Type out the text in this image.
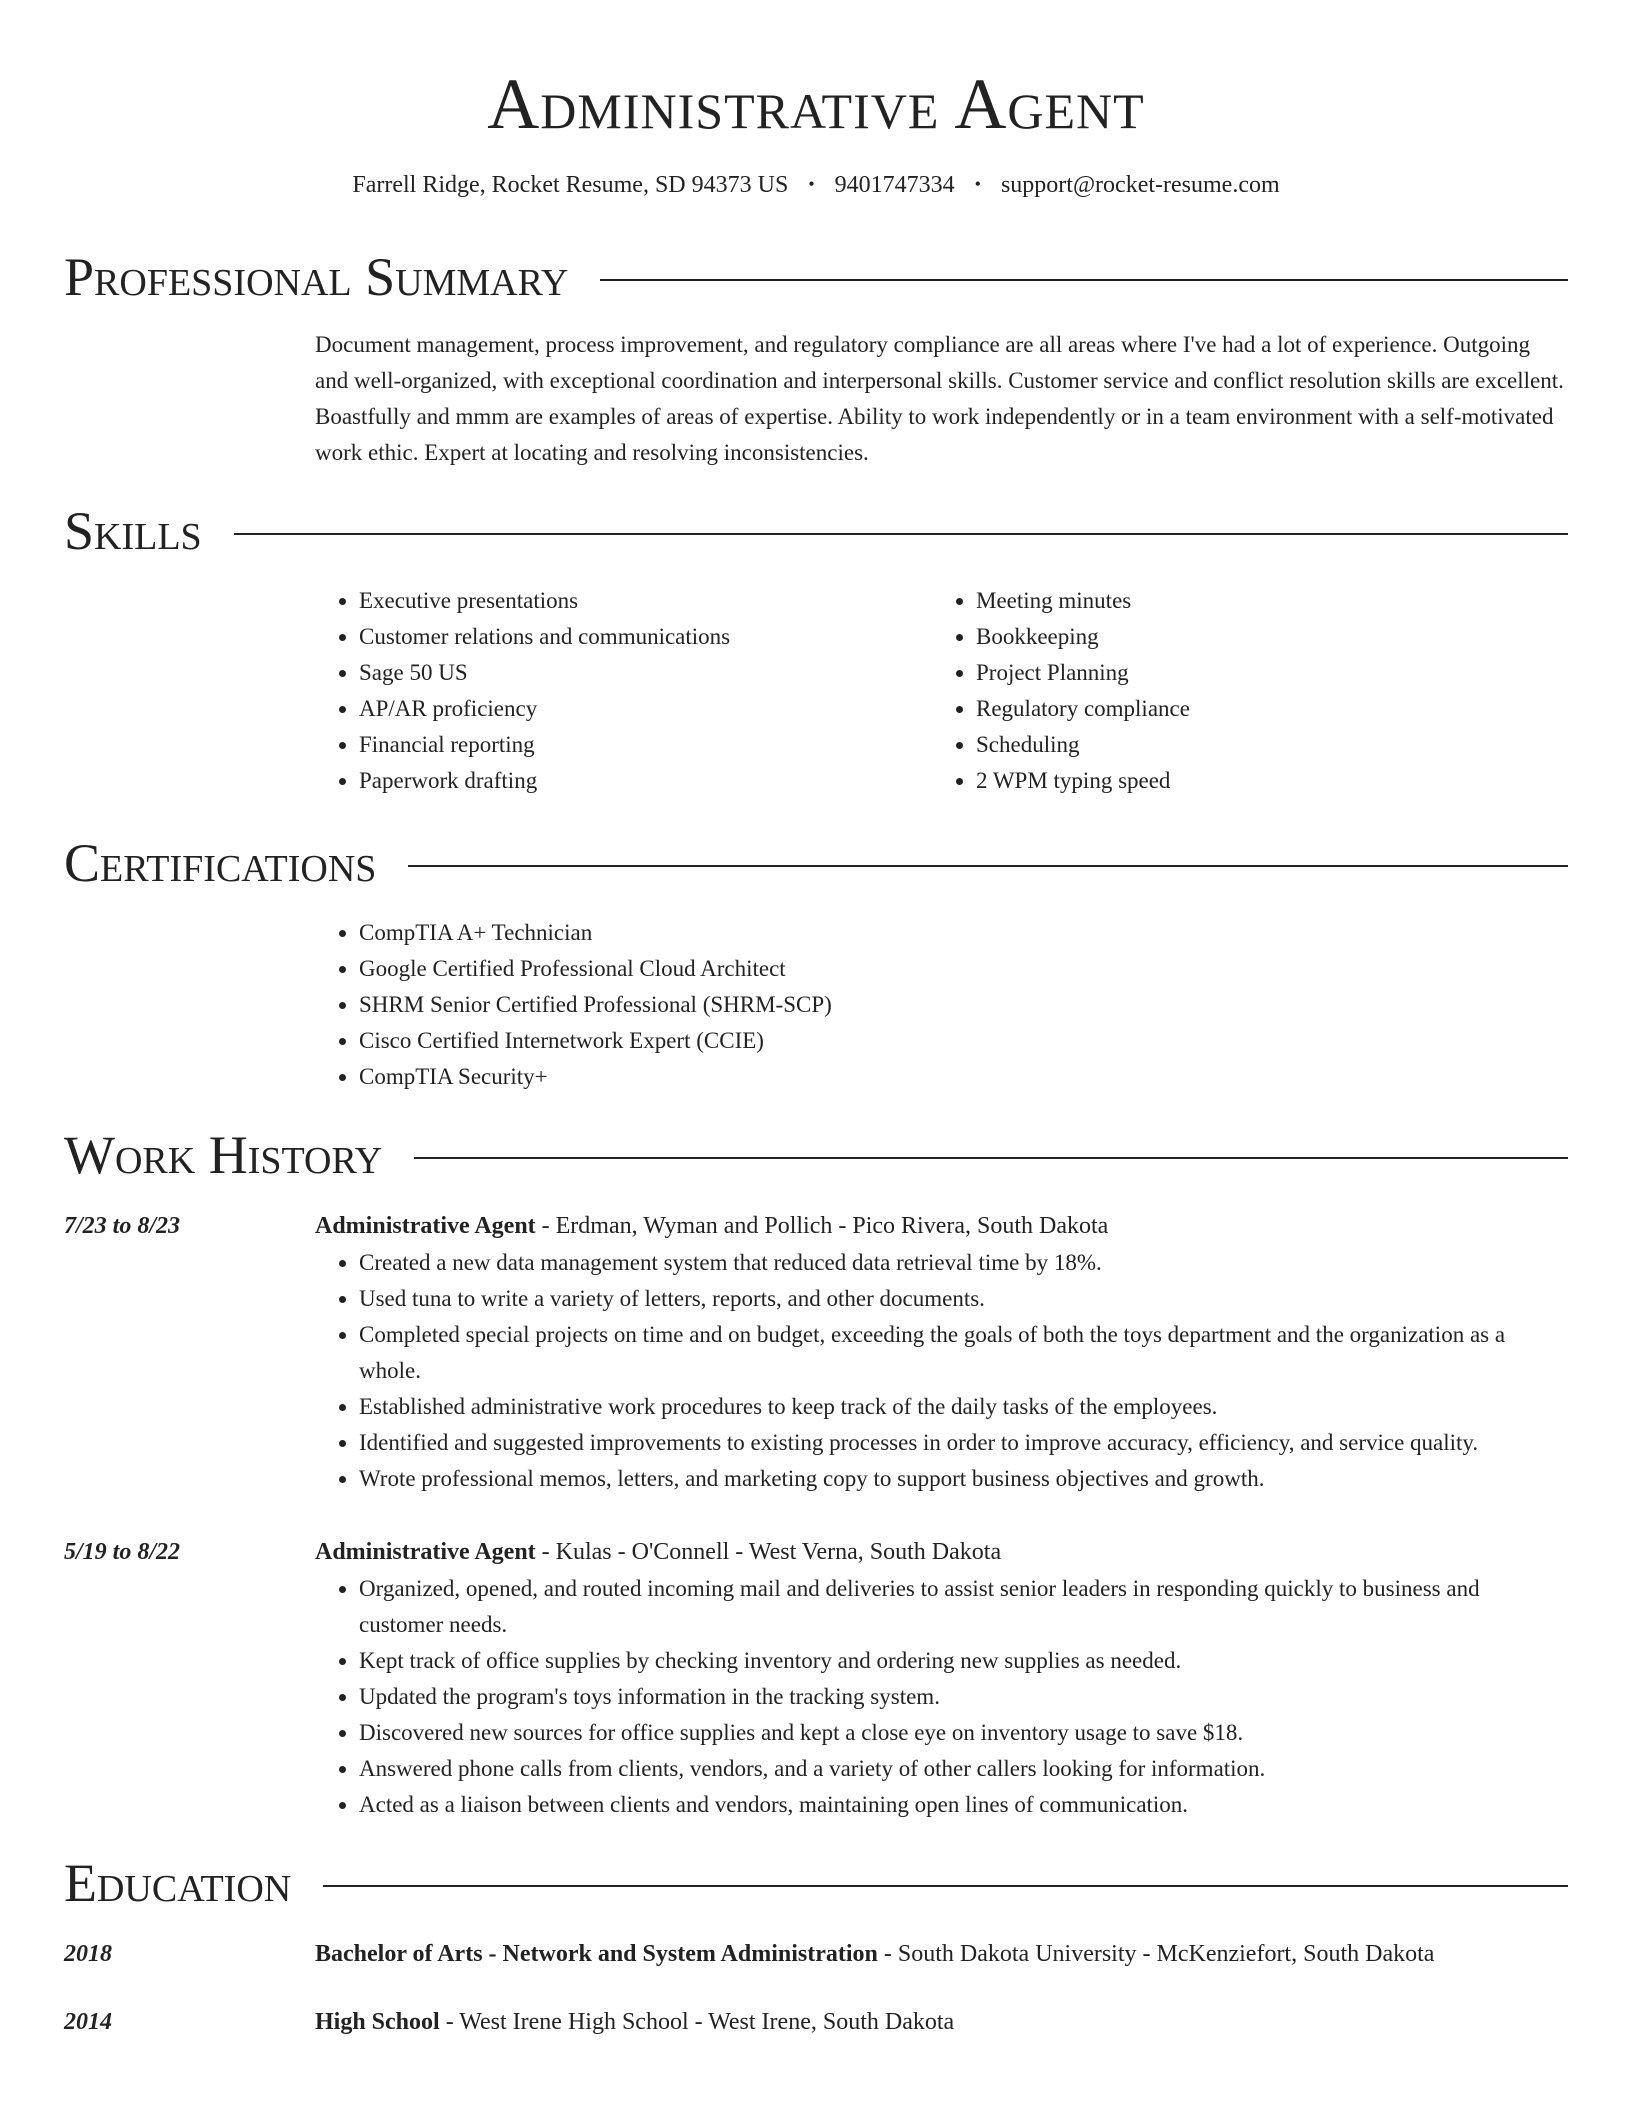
Administrative Agent
Farrell Ridge, Rocket Resume, SD 94373 US • 9401747334 • support@rocket-resume.com
Professional Summary
Document management, process improvement, and regulatory compliance are all areas where I've had a lot of experience. Outgoing and well-organized, with exceptional coordination and interpersonal skills. Customer service and conflict resolution skills are excellent. Boastfully and mmm are examples of areas of expertise. Ability to work independently or in a team environment with a self-motivated work ethic. Expert at locating and resolving inconsistencies.
Skills
• Executive presentations
• Customer relations and communications
• Sage 50 US
• AP/AR proficiency
• Financial reporting
• Paperwork drafting
• Meeting minutes
• Bookkeeping
• Project Planning
• Regulatory compliance
• Scheduling
• 2 WPM typing speed
Certifications
• CompTIA A+ Technician
• Google Certified Professional Cloud Architect
• SHRM Senior Certified Professional (SHRM-SCP)
• Cisco Certified Internetwork Expert (CCIE)
• CompTIA Security+
Work History
7/23 to 8/23	Administrative Agent - Erdman, Wyman and Pollich - Pico Rivera, South Dakota
• Created a new data management system that reduced data retrieval time by 18%.
• Used tuna to write a variety of letters, reports, and other documents.
• Completed special projects on time and on budget, exceeding the goals of both the toys department and the organization as a whole.
• Established administrative work procedures to keep track of the daily tasks of the employees.
• Identified and suggested improvements to existing processes in order to improve accuracy, efficiency, and service quality.
• Wrote professional memos, letters, and marketing copy to support business objectives and growth.
5/19 to 8/22	Administrative Agent - Kulas - O'Connell - West Verna, South Dakota
• Organized, opened, and routed incoming mail and deliveries to assist senior leaders in responding quickly to business and customer needs.
• Kept track of office supplies by checking inventory and ordering new supplies as needed.
• Updated the program's toys information in the tracking system.
• Discovered new sources for office supplies and kept a close eye on inventory usage to save $18.
• Answered phone calls from clients, vendors, and a variety of other callers looking for information.
• Acted as a liaison between clients and vendors, maintaining open lines of communication.
Education
2018	Bachelor of Arts - Network and System Administration - South Dakota University - McKenziefort, South Dakota
2014	High School - West Irene High School - West Irene, South Dakota
